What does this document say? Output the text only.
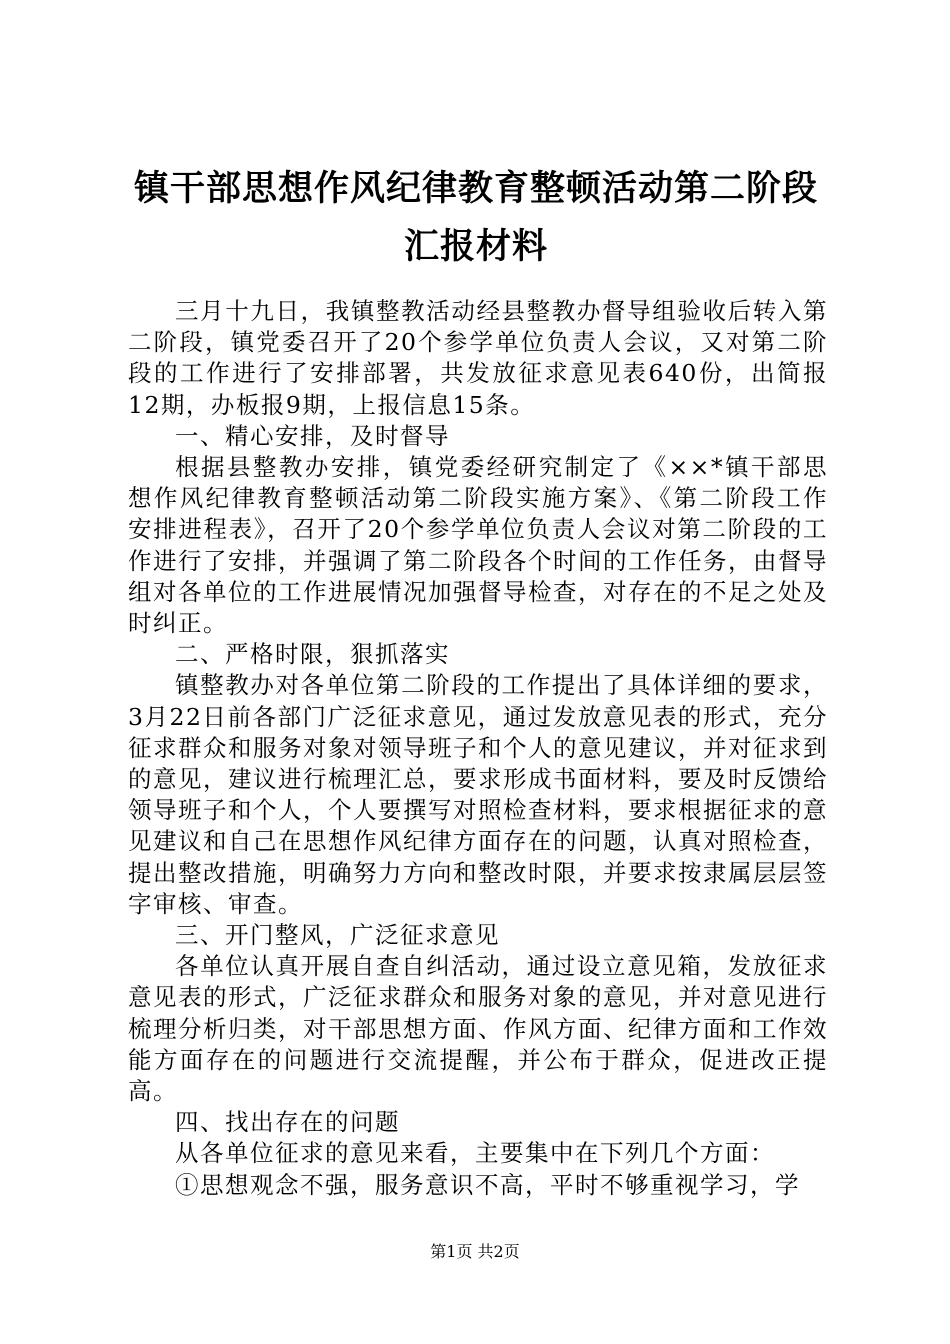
镇干部思想作风纪律教育整顿活动第二阶段汇报材料

三月十九日，我镇整教活动经县整教办督导组验收后转入第二阶段，镇党委召开了20个参学单位负责人会议，又对第二阶段的工作进行了安排部署，共发放征求意见表640份，出简报12期，办板报9期，上报信息15条。

一、精心安排，及时督导

根据县整教办安排，镇党委经研究制定了《××*镇干部思想作风纪律教育整顿活动第二阶段实施方案》、《第二阶段工作安排进程表》，召开了20个参学单位负责人会议对第二阶段的工作进行了安排，并强调了第二阶段各个时间的工作任务，由督导组对各单位的工作进展情况加强督导检查，对存在的不足之处及时纠正。

二、严格时限，狠抓落实

镇整教办对各单位第二阶段的工作提出了具体详细的要求，3月22日前各部门广泛征求意见，通过发放意见表的形式，充分征求群众和服务对象对领导班子和个人的意见建议，并对征求到的意见，建议进行梳理汇总，要求形成书面材料，要及时反馈给领导班子和个人，个人要撰写对照检查材料，要求根据征求的意见建议和自己在思想作风纪律方面存在的问题，认真对照检查，提出整改措施，明确努力方向和整改时限，并要求按隶属层层签字审核、审查。

三、开门整风，广泛征求意见

各单位认真开展自查自纠活动，通过设立意见箱，发放征求意见表的形式，广泛征求群众和服务对象的意见，并对意见进行梳理分析归类，对干部思想方面、作风方面、纪律方面和工作效能方面存在的问题进行交流提醒，并公布于群众，促进改正提高。

四、找出存在的问题

从各单位征求的意见来看，主要集中在下列几个方面：

①思想观念不强，服务意识不高，平时不够重视学习，学

第1页 共2页
